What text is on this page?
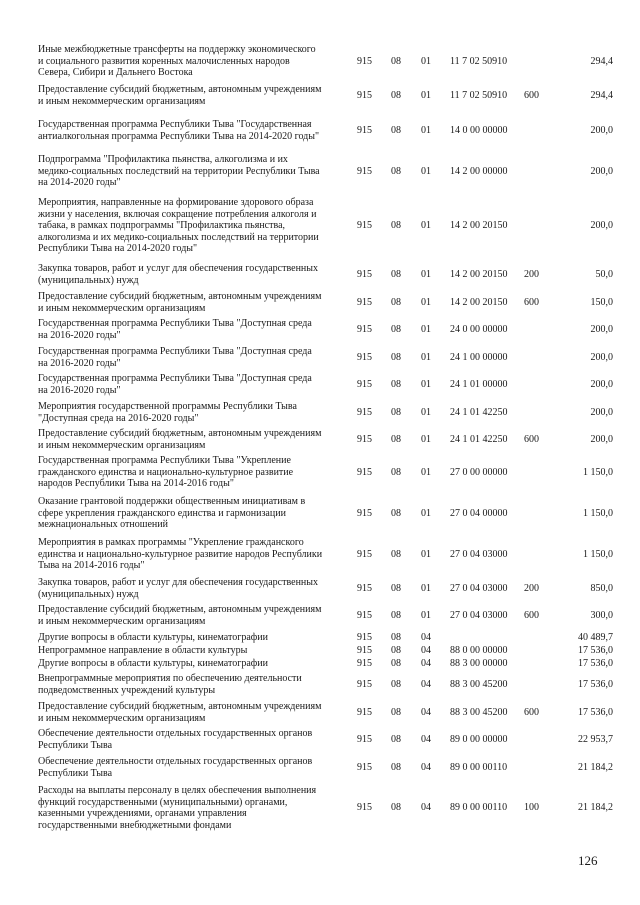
Иные межбюджетные трансферты на поддержку экономического
и социального развития коренных малочисленных народов
Севера, Сибири и Дальнего Востока
915 08 01 11 7 02 50910	294,4
Предоставление субсидий бюджетным, автономным учреждениям
и иным некоммерческим организациям	915 08 01 11 7 02 50910 600	294,4
Государственная программа Республики Тыва "Государственная
антиалкогольная программа Республики Тыва на 2014-2020 годы"	915 08 01 14 0 00 00000	200,0
Подпрограмма "Профилактика пьянства, алкоголизма и их
медико-социальных последствий на территории Республики Тыва
на 2014-2020 годы"
915 08 01 14 2 00 00000	200,0
Мероприятия, направленные на формирование здорового образа
жизни у населения, включая сокращение потребления алкоголя и
табака, в рамках подпрограммы "Профилактика пьянства,
алкоголизма и их медико-социальных последствий на территории
Республики Тыва на 2014-2020 годы"
915 08 01 14 2 00 20150	200,0
Закупка товаров, работ и услуг для обеспечения государственных
(муниципальных) нужд	915 08 01 14 2 00 20150 200	50,0
Предоставление субсидий бюджетным, автономным учреждениям
и иным некоммерческим организациям	915 08 01 14 2 00 20150 600	150,0
Государственная программа Республики Тыва "Доступная среда
на 2016-2020 годы"	915 08 01 24 0 00 00000	200,0
Государственная программа Республики Тыва "Доступная среда
на 2016-2020 годы"	915 08 01 24 1 00 00000	200,0
Государственная программа Республики Тыва "Доступная среда
на 2016-2020 годы"	915 08 01 24 1 01 00000	200,0
Мероприятия государственной программы Республики Тыва
"Доступная среда на 2016-2020 годы"	915 08 01 24 1 01 42250	200,0
Предоставление субсидий бюджетным, автономным учреждениям
и иным некоммерческим организациям	915 08 01 24 1 01 42250 600	200,0
Государственная программа Республики Тыва "Укрепление
гражданского единства и национально-культурное развитие
народов Республики Тыва на 2014-2016 годы"
915 08 01 27 0 00 00000	1 150,0
Оказание грантовой поддержки общественным инициативам в
сфере укрепления гражданского единства и гармонизации
межнациональных отношений
915 08 01 27 0 04 00000	1 150,0
Мероприятия в рамках программы "Укрепление гражданского
единства и национально-культурное развитие народов Республики
Тыва на 2014-2016 годы"
915 08 01 27 0 04 03000	1 150,0
Закупка товаров, работ и услуг для обеспечения государственных
(муниципальных) нужд	915 08 01 27 0 04 03000 200	850,0
Предоставление субсидий бюджетным, автономным учреждениям
и иным некоммерческим организациям	915 08 01 27 0 04 03000 600	300,0
Другие вопросы в области культуры, кинематографии	915 08 04	40 489,7
Непрограммное направление в области культуры	915 08 04 88 0 00 00000	17 536,0
Другие вопросы в области культуры, кинематографии	915 08 04 88 3 00 00000	17 536,0
Внепрограммные мероприятия по обеспечению деятельности
подведомственных учреждений культуры	915 08 04 88 3 00 45200	17 536,0
Предоставление субсидий бюджетным, автономным учреждениям
и иным некоммерческим организациям	915 08 04 88 3 00 45200 600	17 536,0
Обеспечение деятельности отдельных государственных органов
Республики Тыва	915 08 04 89 0 00 00000	22 953,7
Обеспечение деятельности отдельных государственных органов
Республики Тыва	915 08 04 89 0 00 00110	21 184,2
Расходы на выплаты персоналу в целях обеспечения выполнения
функций государственными (муниципальными) органами,
казенными учреждениями, органами управления
государственными внебюджетными фондами
915 08 04 89 0 00 00110 100	21 184,2
126
